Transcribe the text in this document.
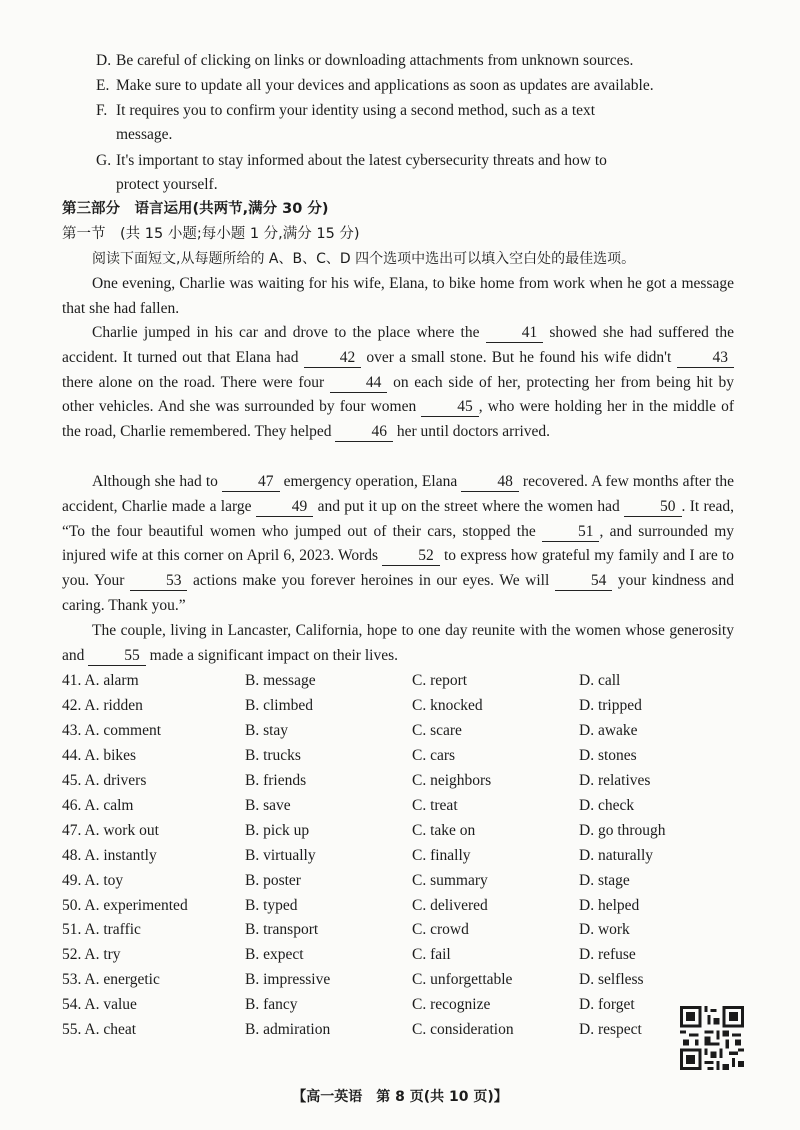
D. Be careful of clicking on links or downloading attachments from unknown sources.
E. Make sure to update all your devices and applications as soon as updates are available.
F. It requires you to confirm your identity using a second method, such as a text
message.
G. It's important to stay informed about the latest cybersecurity threats and how to
protect yourself.
第三部分　语言运用(共两节,满分 30 分)
第一节　(共 15 小题;每小题 1 分,满分 15 分)
阅读下面短文,从每题所给的 A、B、C、D 四个选项中选出可以填入空白处的最佳选项。
One evening, Charlie was waiting for his wife, Elana, to bike home from work when he got a message that she had fallen.
Charlie jumped in his car and drove to the place where the	41 showed she had suffered the accident. It turned out that Elana had	42 over a small stone. But he found his wife didn't	43 there alone on the road. There were four	44 on each side of her, protecting her from being hit by other vehicles. And she was surrounded by four women	45 , who were holding her in the middle of the road, Charlie remembered. They helped	46 her until doctors arrived.
Although she had to	47 emergency operation, Elana	48 recovered. A few months after the accident, Charlie made a large	49 and put it up on the street where the women had	50 . It read, “To the four beautiful women who jumped out of their cars, stopped the	51 , and surrounded my injured wife at this corner on April 6, 2023. Words	52 to express how grateful my family and I are to you. Your	53 actions make you forever heroines in our eyes. We will	54 your kindness and caring. Thank you.”
The couple, living in Lancaster, California, hope to one day reunite with the women whose generosity and	55 made a significant impact on their lives.
41. A. alarm	B. message	C. report	D. call
42. A. ridden	B. climbed	C. knocked	D. tripped
43. A. comment	B. stay	C. scare	D. awake
44. A. bikes	B. trucks	C. cars	D. stones
45. A. drivers	B. friends	C. neighbors	D. relatives
46. A. calm	B. save	C. treat	D. check
47. A. work out	B. pick up	C. take on	D. go through
48. A. instantly	B. virtually	C. finally	D. naturally
49. A. toy	B. poster	C. summary	D. stage
50. A. experimented	B. typed	C. delivered	D. helped
51. A. traffic	B. transport	C. crowd	D. work
52. A. try	B. expect	C. fail	D. refuse
53. A. energetic	B. impressive	C. unforgettable	D. selfless
54. A. value	B. fancy	C. recognize	D. forget
55. A. cheat	B. admiration	C. consideration	D. respect
【高一英语　第 8 页(共 10 页)】
